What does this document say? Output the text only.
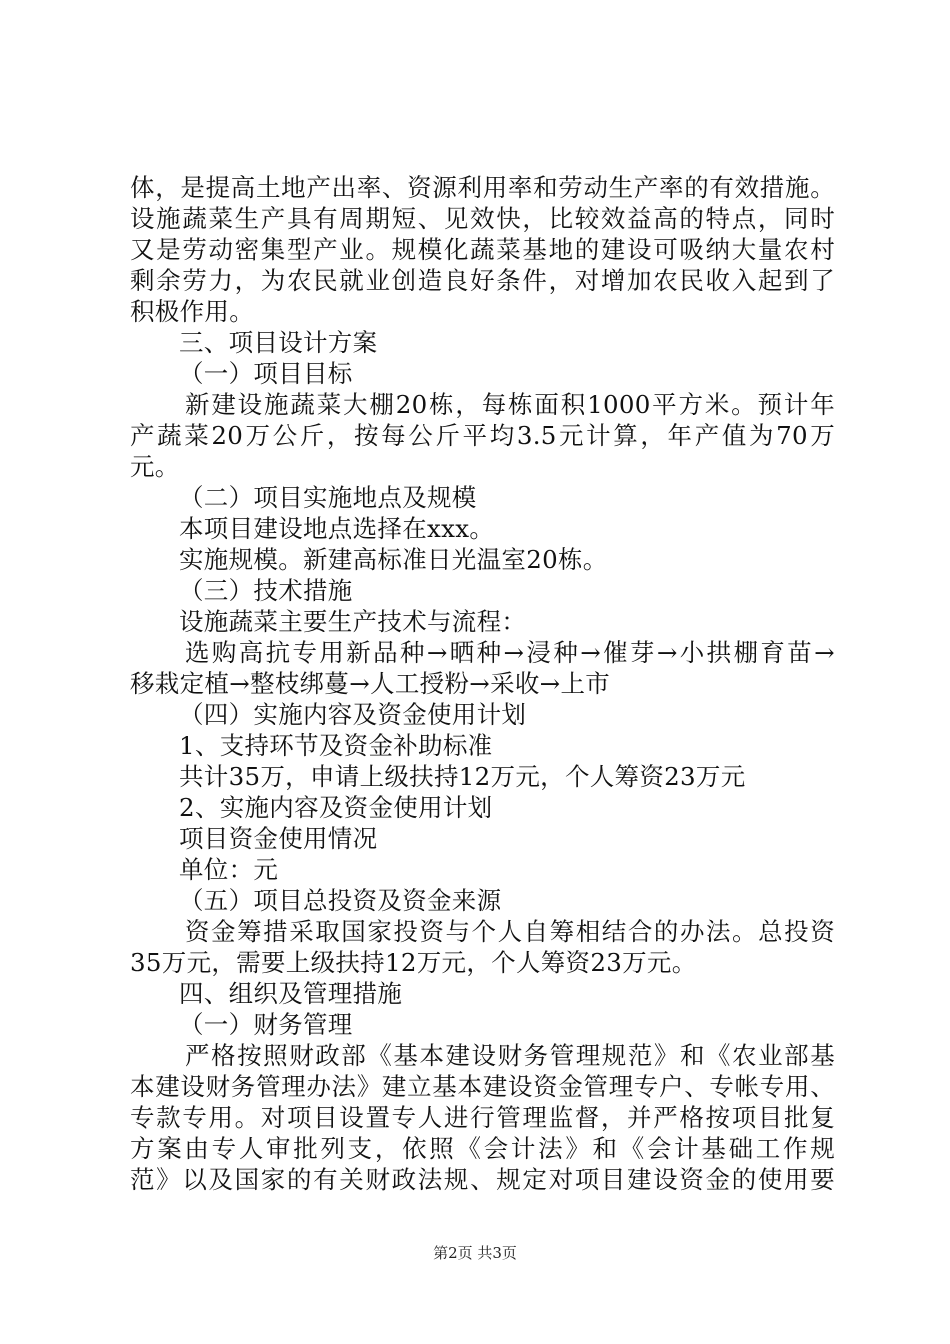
体，是提高土地产出率、资源利用率和劳动生产率的有效措施。
设施蔬菜生产具有周期短、见效快，比较效益高的特点，同时
又是劳动密集型产业。规模化蔬菜基地的建设可吸纳大量农村
剩余劳力，为农民就业创造良好条件，对增加农民收入起到了
积极作用。
三、项目设计方案
（一）项目目标
新建设施蔬菜大棚20栋，每栋面积1000平方米。预计年
产蔬菜20万公斤，按每公斤平均3.5元计算，年产值为70万
元。
（二）项目实施地点及规模
本项目建设地点选择在xxx。
实施规模。新建高标准日光温室20栋。
（三）技术措施
设施蔬菜主要生产技术与流程：
选购高抗专用新品种→晒种→浸种→催芽→小拱棚育苗→
移栽定植→整枝绑蔓→人工授粉→采收→上市
（四）实施内容及资金使用计划
1、支持环节及资金补助标准
共计35万，申请上级扶持12万元，个人筹资23万元
2、实施内容及资金使用计划
项目资金使用情况
单位：元
（五）项目总投资及资金来源
资金筹措采取国家投资与个人自筹相结合的办法。总投资
35万元，需要上级扶持12万元，个人筹资23万元。
四、组织及管理措施
（一）财务管理
严格按照财政部《基本建设财务管理规范》和《农业部基
本建设财务管理办法》建立基本建设资金管理专户、专帐专用、
专款专用。对项目设置专人进行管理监督，并严格按项目批复
方案由专人审批列支，依照《会计法》和《会计基础工作规
范》以及国家的有关财政法规、规定对项目建设资金的使用要
第2页 共3页
